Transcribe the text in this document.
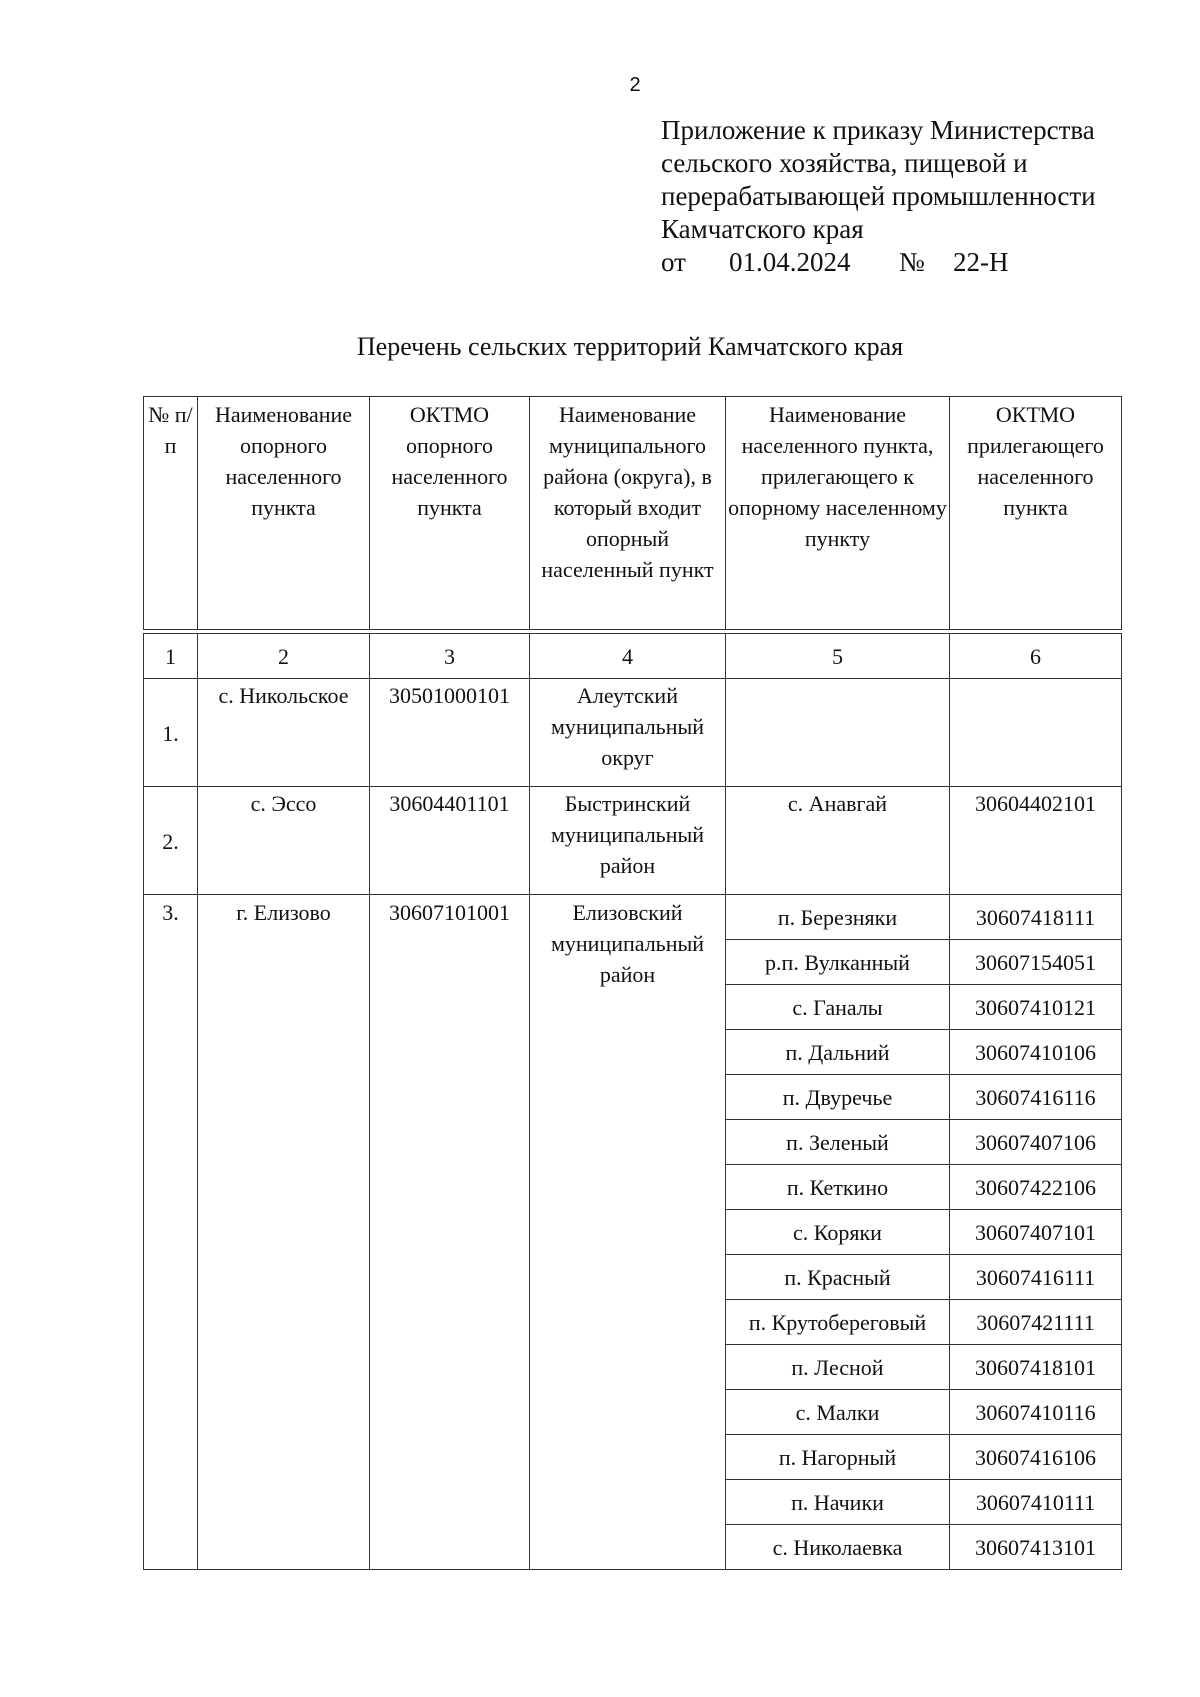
2
Приложение к приказу Министерства
сельского хозяйства, пищевой и
перерабатывающей промышленности
Камчатского края
от	01.04.2024	№	22-Н
Перечень сельских территорий Камчатского края
№ п/ п	Наименование опорного населенного пункта	ОКТМО опорного населенного пункта	Наименование муниципального района (округа), в который входит опорный населенный пункт	Наименование населенного пункта, прилегающего к опорному населенному пункту	ОКТМО прилегающего населенного пункта
1	2	3	4	5	6
1.	с. Никольское	30501000101	Алеутский муниципальный округ		
2.	с. Эссо	30604401101	Быстринский муниципальный район	с. Анавгай	30604402101
3.	г. Елизово	30607101001	Елизовский муниципальный район	п. Березняки	30607418111
				р.п. Вулканный	30607154051
				с. Ганалы	30607410121
				п. Дальний	30607410106
				п. Двуречье	30607416116
				п. Зеленый	30607407106
				п. Кеткино	30607422106
				с. Коряки	30607407101
				п. Красный	30607416111
				п. Крутобереговый	30607421111
				п. Лесной	30607418101
				с. Малки	30607410116
				п. Нагорный	30607416106
				п. Начики	30607410111
				с. Николаевка	30607413101
